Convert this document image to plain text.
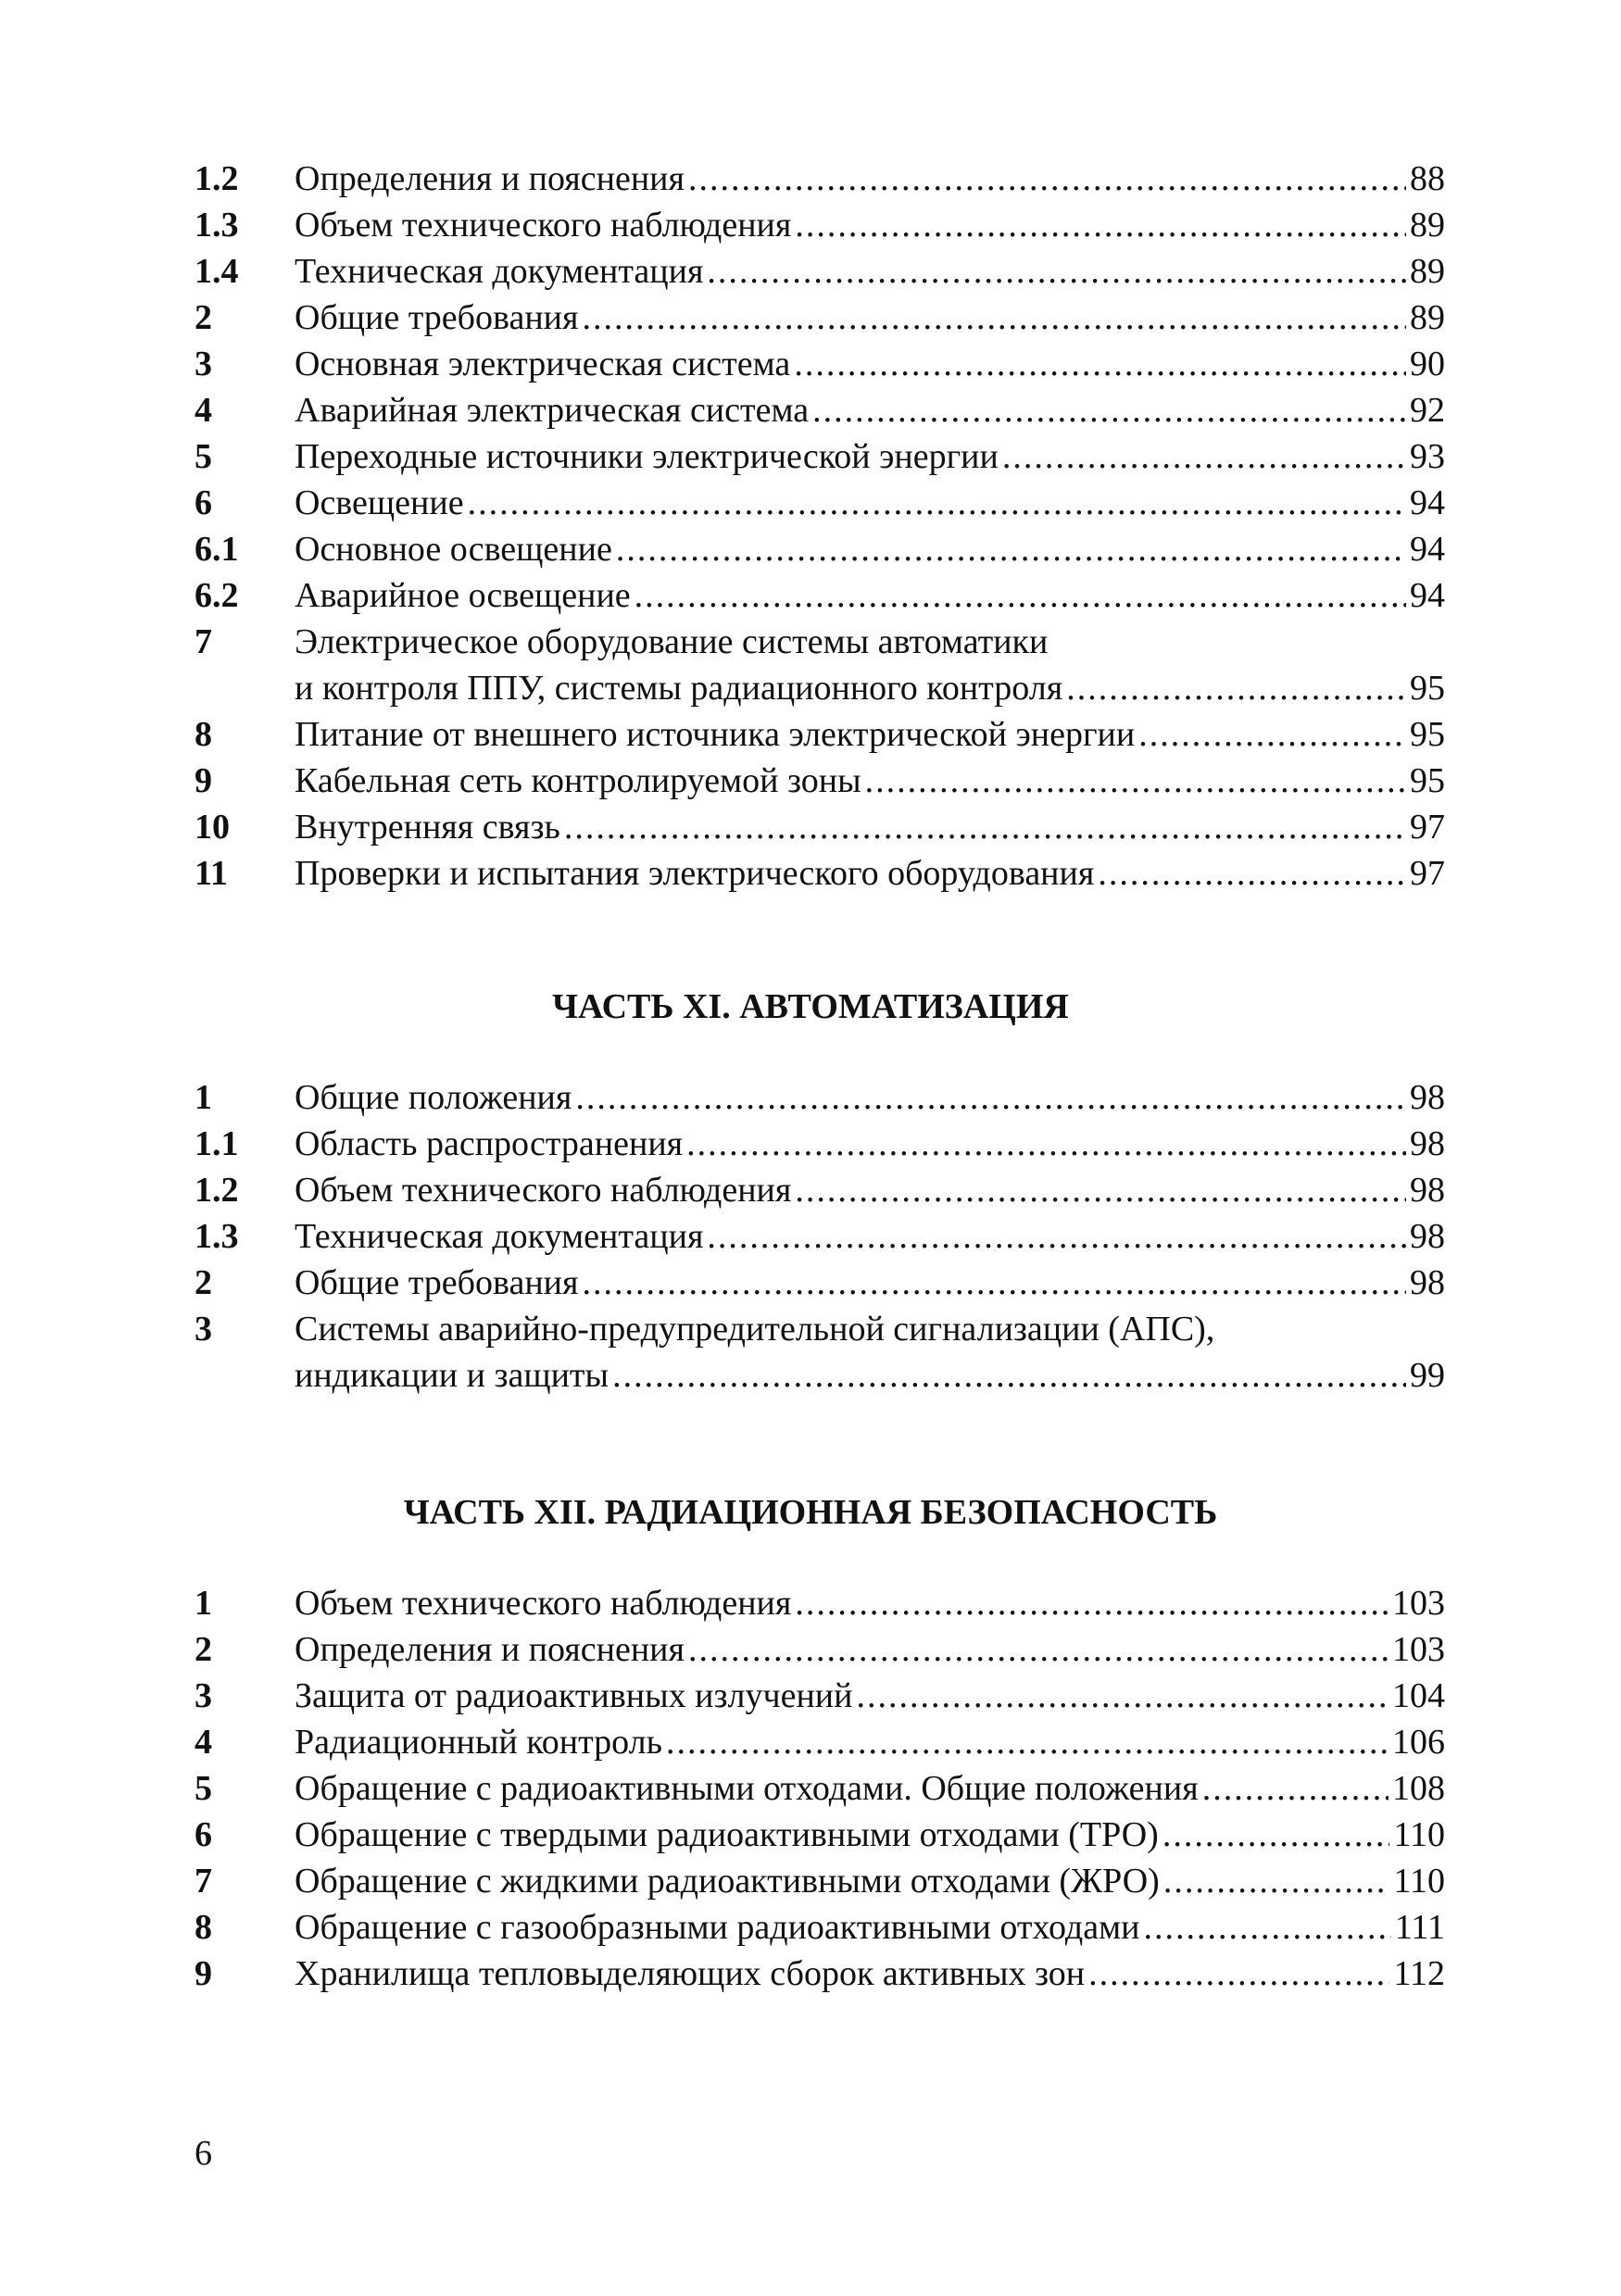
1.2 Определения и пояснения .....	88
1.3 Объем технического наблюдения .....	89
1.4 Техническая документация .....	89
2 Общие требования .....	89
3 Основная электрическая система .....	90
4 Аварийная электрическая система .....	92
5 Переходные источники электрической энергии .....	93
6 Освещение .....	94
6.1 Основное освещение .....	94
6.2 Аварийное освещение .....	94
7 Электрическое оборудование системы автоматики
и контроля ППУ, системы радиационного контроля .....	95
8 Питание от внешнего источника электрической энергии .....	95
9 Кабельная сеть контролируемой зоны .....	95
10 Внутренняя связь .....	97
11 Проверки и испытания электрического оборудования .....	97
ЧАСТЬ XI. АВТОМАТИЗАЦИЯ
1 Общие положения .....	98
1.1 Область распространения .....	98
1.2 Объем технического наблюдения .....	98
1.3 Техническая документация .....	98
2 Общие требования .....	98
3 Системы аварийно-предупредительной сигнализации (АПС),
индикации и защиты .....	99
ЧАСТЬ XII. РАДИАЦИОННАЯ БЕЗОПАСНОСТЬ
1 Объем технического наблюдения .....	103
2 Определения и пояснения .....	103
3 Защита от радиоактивных излучений .....	104
4 Радиационный контроль .....	106
5 Обращение с радиоактивными отходами. Общие положения .....	108
6 Обращение с твердыми радиоактивными отходами (ТРО) .....	110
7 Обращение с жидкими радиоактивными отходами (ЖРО) .....	110
8 Обращение с газообразными радиоактивными отходами .....	111
9 Хранилища тепловыделяющих сборок активных зон .....	112
6
